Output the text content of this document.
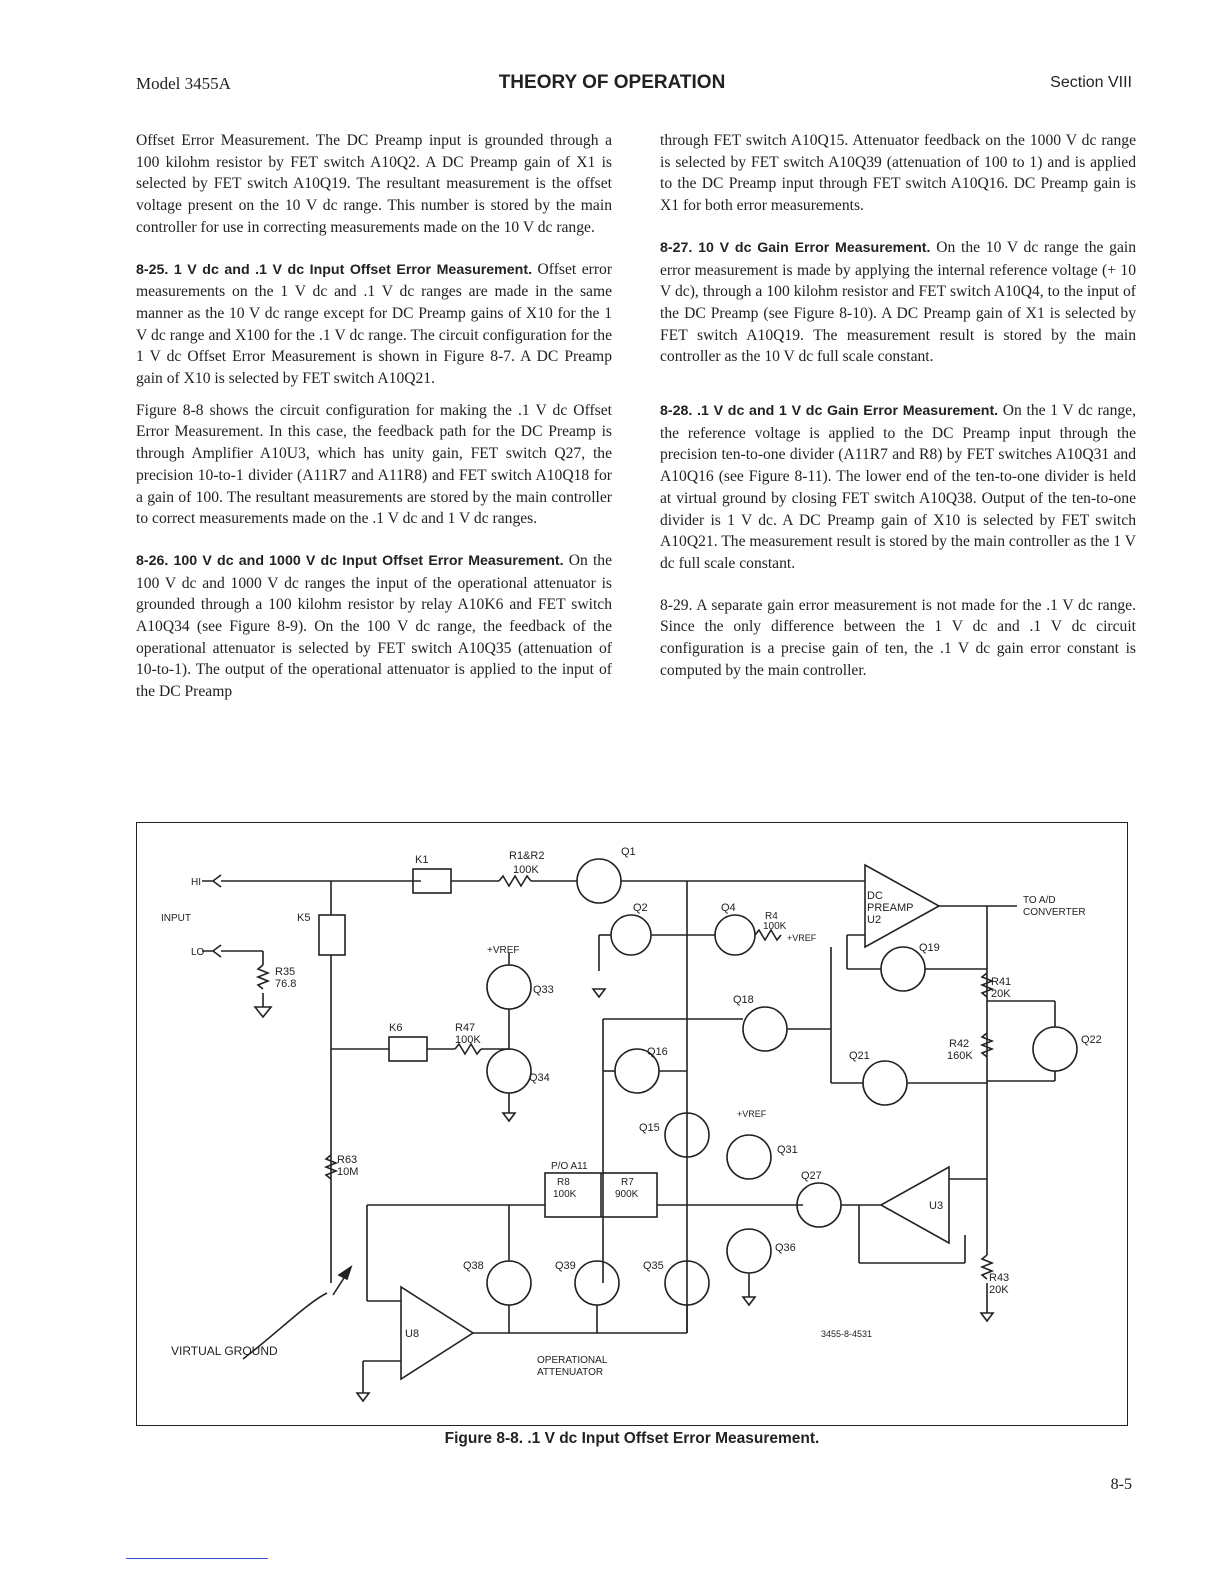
Model 3455A	THEORY OF OPERATION	Section VIII

Offset Error Measurement. The DC Preamp input is grounded through a 100 kilohm resistor by FET switch A10Q2. A DC Preamp gain of X1 is selected by FET switch A10Q19. The resultant measurement is the offset voltage present on the 10 V dc range. This number is stored by the main controller for use in correcting measurements made on the 10 V dc range.

8-25. 1 V dc and .1 V dc Input Offset Error Measurement. Offset error measurements on the 1 V dc and .1 V dc ranges are made in the same manner as the 10 V dc range except for DC Preamp gains of X10 for the 1 V dc range and X100 for the .1 V dc range. The circuit configuration for the 1 V dc Offset Error Measurement is shown in Figure 8-7. A DC Preamp gain of X10 is selected by FET switch A10Q21.

Figure 8-8 shows the circuit configuration for making the .1 V dc Offset Error Measurement. In this case, the feedback path for the DC Preamp is through Amplifier A10U3, which has unity gain, FET switch Q27, the precision 10-to-1 divider (A11R7 and A11R8) and FET switch A10Q18 for a gain of 100. The resultant measurements are stored by the main controller to correct measurements made on the .1 V dc and 1 V dc ranges.

8-26. 100 V dc and 1000 V dc Input Offset Error Measurement. On the 100 V dc and 1000 V dc ranges the input of the operational attenuator is grounded through a 100 kilohm resistor by relay A10K6 and FET switch A10Q34 (see Figure 8-9). On the 100 V dc range, the feedback of the operational attenuator is selected by FET switch A10Q35 (attenuation of 10-to-1). The output of the operational attenuator is applied to the input of the DC Preamp

through FET switch A10Q15. Attenuator feedback on the 1000 V dc range is selected by FET switch A10Q39 (attenuation of 100 to 1) and is applied to the DC Preamp input through FET switch A10Q16. DC Preamp gain is X1 for both error measurements.

8-27. 10 V dc Gain Error Measurement. On the 10 V dc range the gain error measurement is made by applying the internal reference voltage (+ 10 V dc), through a 100 kilohm resistor and FET switch A10Q4, to the input of the DC Preamp (see Figure 8-10). A DC Preamp gain of X1 is selected by FET switch A10Q19. The measurement result is stored by the main controller as the 10 V dc full scale constant.

8-28. .1 V dc and 1 V dc Gain Error Measurement. On the 1 V dc range, the reference voltage is applied to the DC Preamp input through the precision ten-to-one divider (A11R7 and R8) by FET switches A10Q31 and A10Q16 (see Figure 8-11). The lower end of the ten-to-one divider is held at virtual ground by closing FET switch A10Q38. Output of the ten-to-one divider is 1 V dc. A DC Preamp gain of X10 is selected by FET switch A10Q21. The measurement result is stored by the main controller as the 1 V dc full scale constant.

8-29. A separate gain error measurement is not made for the .1 V dc range. Since the only difference between the 1 V dc and .1 V dc circuit configuration is a precise gain of ten, the .1 V dc gain error constant is computed by the main controller.

HI
INPUT
LO
K5
R35
76.8
K1	R1&R2
100K
Q1
Q2	Q4
R4
100K
+VREF
DC
PREAMP
U2
TO A/D
CONVERTER
Q19
R41
20K
R42
160K
Q22
Q21
Q18
Q16
Q15
+VREF
Q33
Q34
K6	R47
100K
R63
10M	P/O A11
R8
100K
R7
900K
+VREF
Q31
Q27
Q36
U3
R43
20K
Q38	Q39	Q35
U8
VIRTUAL GROUND
OPERATIONAL
ATTENUATOR
3455-8-4531
Figure 8-8. .1 V dc Input Offset Error Measurement.
8-5
